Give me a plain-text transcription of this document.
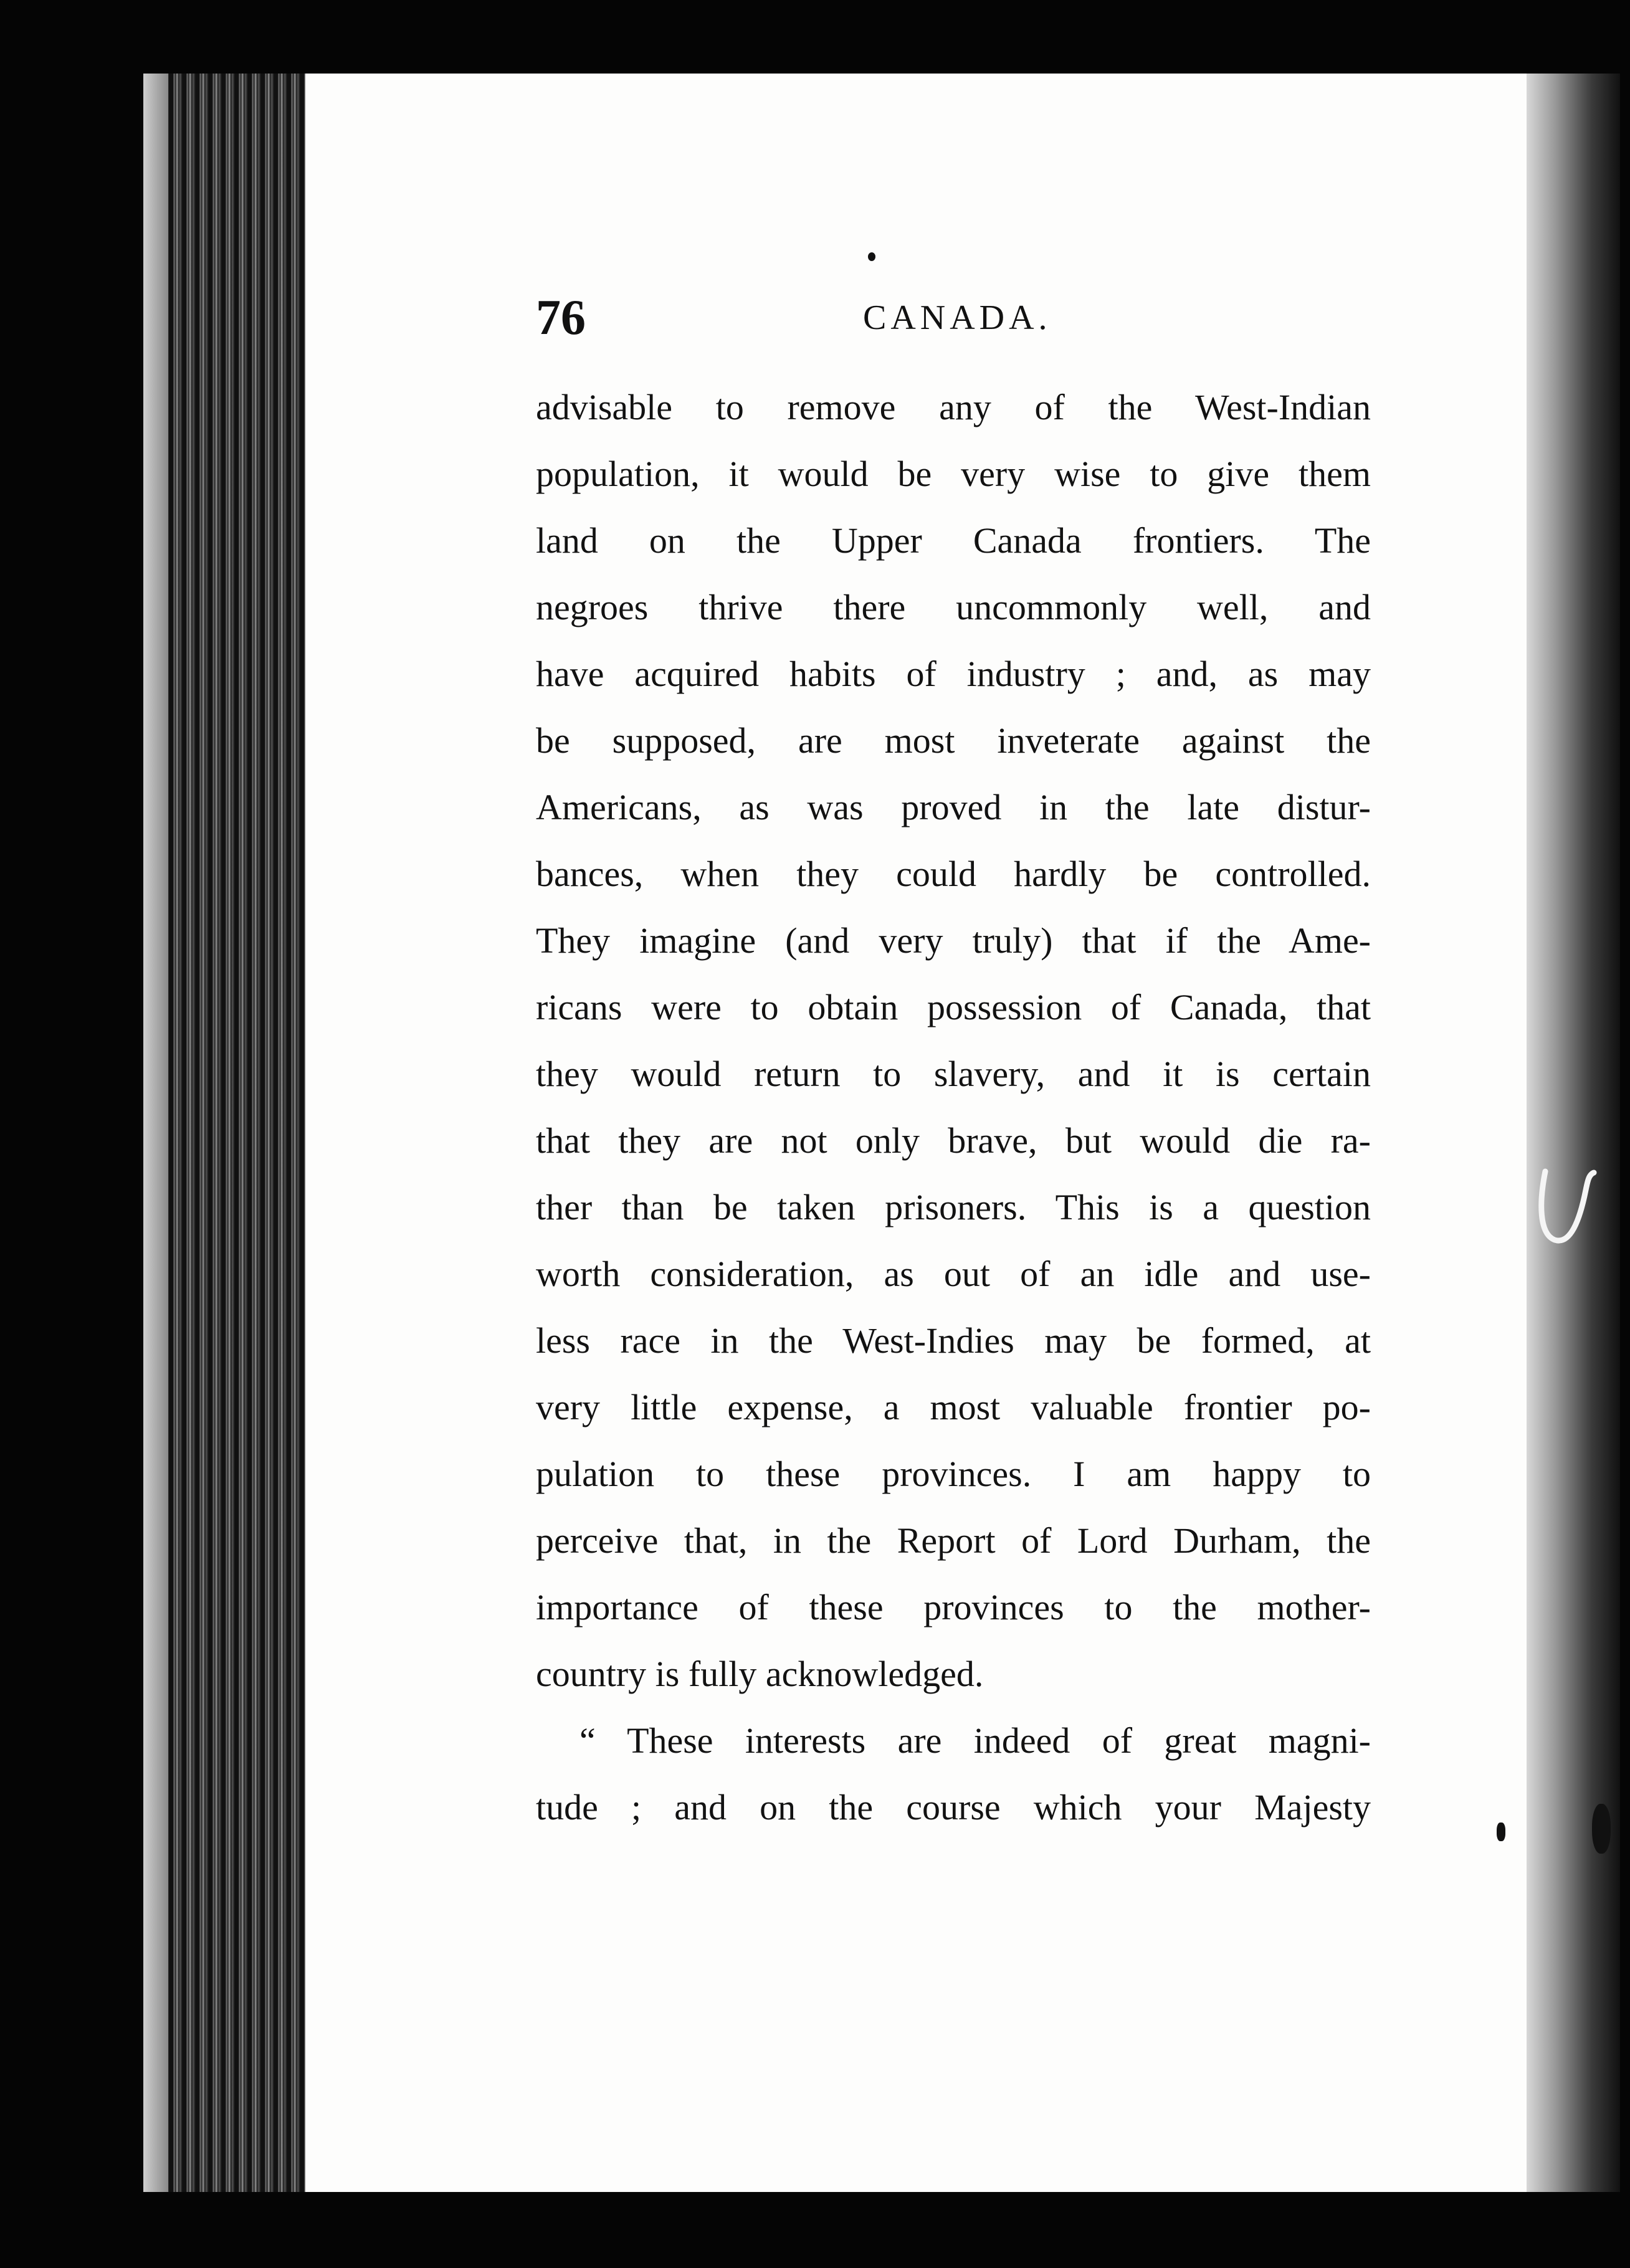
76	CANADA.
advisable to remove any of the West-Indian
population, it would be very wise to give them
land on the Upper Canada frontiers. The
negroes thrive there uncommonly well, and
have acquired habits of industry ; and, as may
be supposed, are most inveterate against the
Americans, as was proved in the late distur-
bances, when they could hardly be controlled.
They imagine (and very truly) that if the Ame-
ricans were to obtain possession of Canada, that
they would return to slavery, and it is certain
that they are not only brave, but would die ra-
ther than be taken prisoners. This is a question
worth consideration, as out of an idle and use-
less race in the West-Indies may be formed, at
very little expense, a most valuable frontier po-
pulation to these provinces. I am happy to
perceive that, in the Report of Lord Durham, the
importance of these provinces to the mother-
country is fully acknowledged.
“ These interests are indeed of great magni-
tude ; and on the course which your Majesty
